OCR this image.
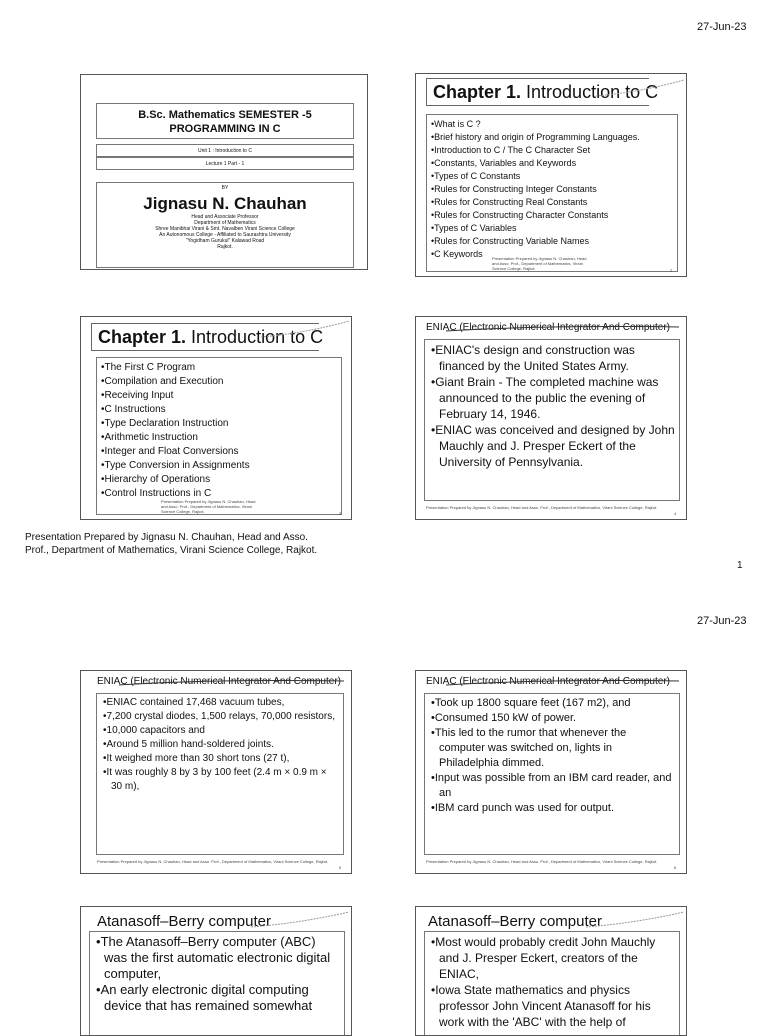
27-Jun-23
B.Sc. Mathematics SEMESTER -5
PROGRAMMING IN C
Unit 1 : Introduction to C
Lecture 1 Part - 1
BY
Jignasu N. Chauhan
Head and Associate Professor
Department of Mathematics
Shree Manibhai Virani & Smt. Navalben Virani Science College
An Autonomous College - Affiliated to Saurashtra University
"Yogidham Gurukul" Kalawad Road
Rajkot.
Chapter 1. Introduction to C
• What is C ?
• Brief history and origin of Programming Languages.
• Introduction to C / The C Character Set
• Constants, Variables and Keywords
• Types of C Constants
• Rules for Constructing Integer Constants
• Rules for Constructing Real Constants
• Rules for Constructing Character Constants
• Types of C Variables
• Rules for Constructing Variable Names
• C Keywords	Presentation Prepared by Jignasu N. Chauhan, Head and Asso. Prof., Department of Mathematics, Virani Science College, Rajkot.	2
Chapter 1. Introduction to C
• The First C Program
• Compilation and Execution
• Receiving Input
• C Instructions
• Type Declaration Instruction
• Arithmetic Instruction
• Integer and Float Conversions
• Type Conversion in Assignments
• Hierarchy of Operations
• Control Instructions in C
Presentation Prepared by Jignasu N. Chauhan, Head and Asso. Prof., Department of Mathematics, Virani Science College, Rajkot.	3
ENIAC (Electronic Numerical Integrator And Computer)
• ENIAC's design and construction was financed by the United States Army.
• Giant Brain - The completed machine was announced to the public the evening of February 14, 1946.
• ENIAC was conceived and designed by John Mauchly and J. Presper Eckert of the University of Pennsylvania.
Presentation Prepared by Jignasu N. Chauhan, Head and Asso. Prof., Department of Mathematics, Virani Science College, Rajkot.
4
Presentation Prepared by Jignasu N. Chauhan, Head and Asso. Prof., Department of Mathematics, Virani Science College, Rajkot.
1
27-Jun-23
ENIAC (Electronic Numerical Integrator And Computer)
• ENIAC contained 17,468 vacuum tubes,
• 7,200 crystal diodes, 1,500 relays, 70,000 resistors,
• 10,000 capacitors and
• Around 5 million hand-soldered joints.
• It weighed more than 30 short tons (27 t),
• It was roughly 8 by 3 by 100 feet (2.4 m × 0.9 m × 30 m),
Presentation Prepared by Jignasu N. Chauhan, Head and Asso. Prof., Department of Mathematics, Virani Science College, Rajkot.
5
ENIAC (Electronic Numerical Integrator And Computer)
• Took up 1800 square feet (167 m2), and
• Consumed 150 kW of power.
• This led to the rumor that whenever the computer was switched on, lights in Philadelphia dimmed.
• Input was possible from an IBM card reader, and an
• IBM card punch was used for output.
Presentation Prepared by Jignasu N. Chauhan, Head and Asso. Prof., Department of Mathematics, Virani Science College, Rajkot.
6
Atanasoff–Berry computer
• The Atanasoff–Berry computer (ABC) was the first automatic electronic digital computer,
• An early electronic digital computing device that has remained somewhat
Atanasoff–Berry computer
• Most would probably credit John Mauchly and J. Presper Eckert, creators of the ENIAC,
• Iowa State mathematics and physics professor John Vincent Atanasoff for his work with the 'ABC' with the help of
